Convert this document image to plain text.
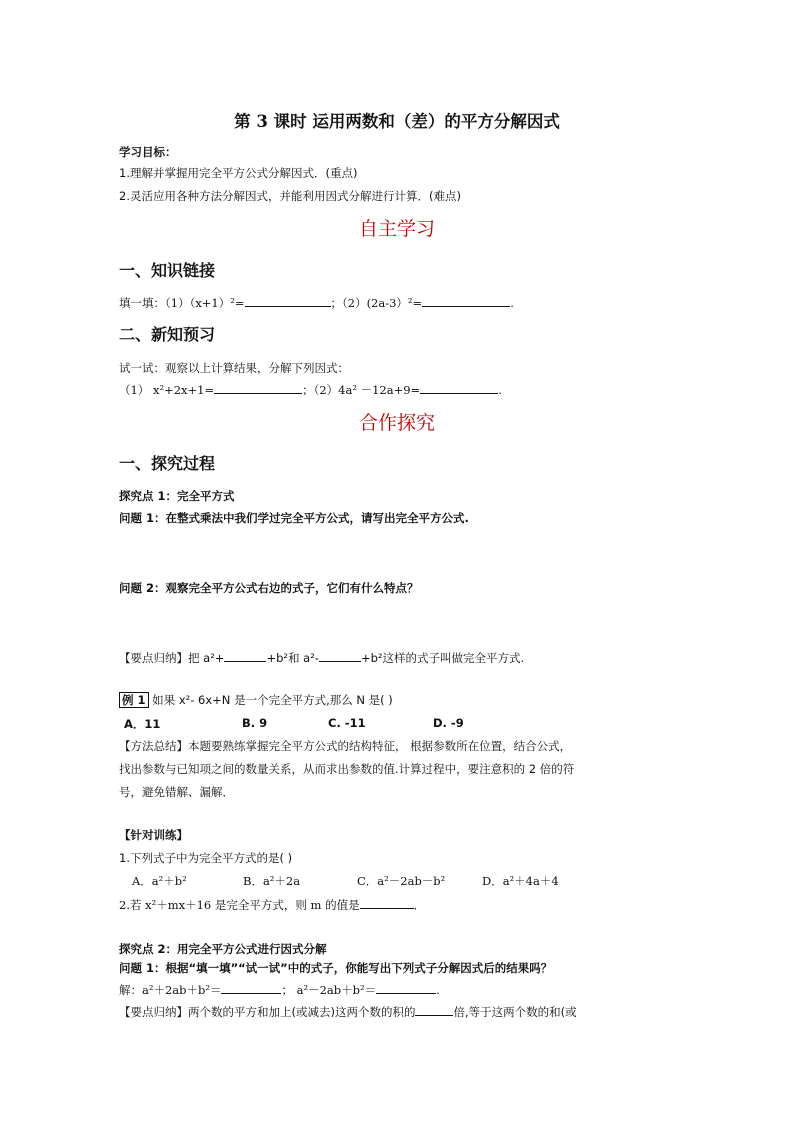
第 3 课时 运用两数和（差）的平方分解因式
学习目标：
1.理解并掌握用完全平方公式分解因式．(重点)
2.灵活应用各种方法分解因式，并能利用因式分解进行计算．(难点)
自主学习
一、知识链接
填一填：（1）（x+1）²=	；（2）(2a-3）²=	.
二、新知预习
试一试：观察以上计算结果，分解下列因式：
（1） x²+2x+1=	；（2）4a² －12a+9=	.
合作探究
一、探究过程
探究点 1：完全平方式
问题 1：在整式乘法中我们学过完全平方公式，请写出完全平方公式.
问题 2：观察完全平方公式右边的式子，它们有什么特点？
【要点归纳】把 a²+	+b²和 a²-	+b²这样的式子叫做完全平方式.
例 1 如果 x²- 6x+N 是一个完全平方式,那么 N 是( )
A．11	B. 9	C. -11	D. -9
【方法总结】本题要熟练掌握完全平方公式的结构特征， 根据参数所在位置，结合公式，
找出参数与已知项之间的数量关系，从而求出参数的值.计算过程中，要注意积的 2 倍的符
号，避免错解、漏解．
【针对训练】
1.下列式子中为完全平方式的是( )
A．a²＋b²	B．a²＋2a	C．a²－2ab－b²	D．a²＋4a＋4
2.若 x²＋mx＋16 是完全平方式，则 m 的值是	．
探究点 2：用完全平方公式进行因式分解
问题 1：根据“填一填”“试一试”中的式子，你能写出下列式子分解因式后的结果吗？
解：a²＋2ab＋b²＝	； a²－2ab＋b²＝	.
【要点归纳】两个数的平方和加上(或减去)这两个数的积的	倍,等于这两个数的和(或
